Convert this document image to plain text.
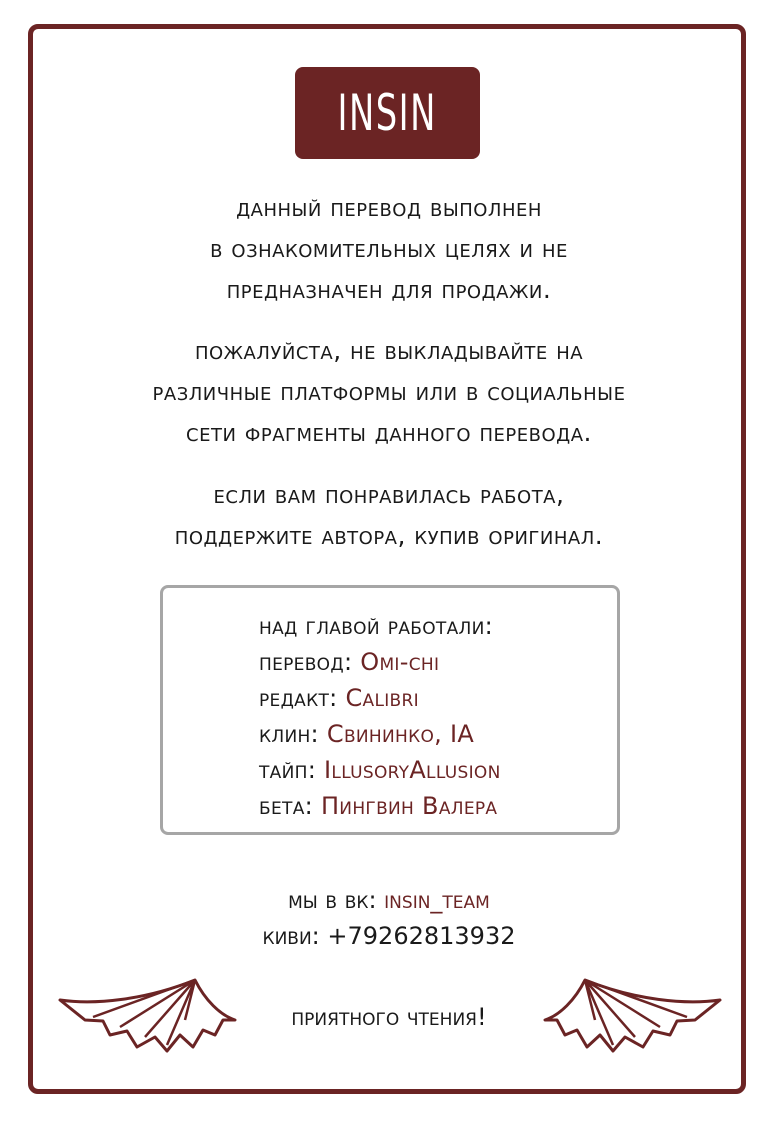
INSIN
данный перевод выполнен
в ознакомительных целях и не
предназначен для продажи.
пожалуйста, не выкладывайте на
различные платформы или в социальные
сети фрагменты данного перевода.
если вам понравилась работа,
поддержите автора, купив оригинал.
над главой работали:
перевод: Omi-chi
редакт: Calibri
клин: Свининко, IA
тайп: IllusoryAllusion
бета: Пингвин Валера
мы в вк: insin_team
киви: +79262813932
приятного чтения!
